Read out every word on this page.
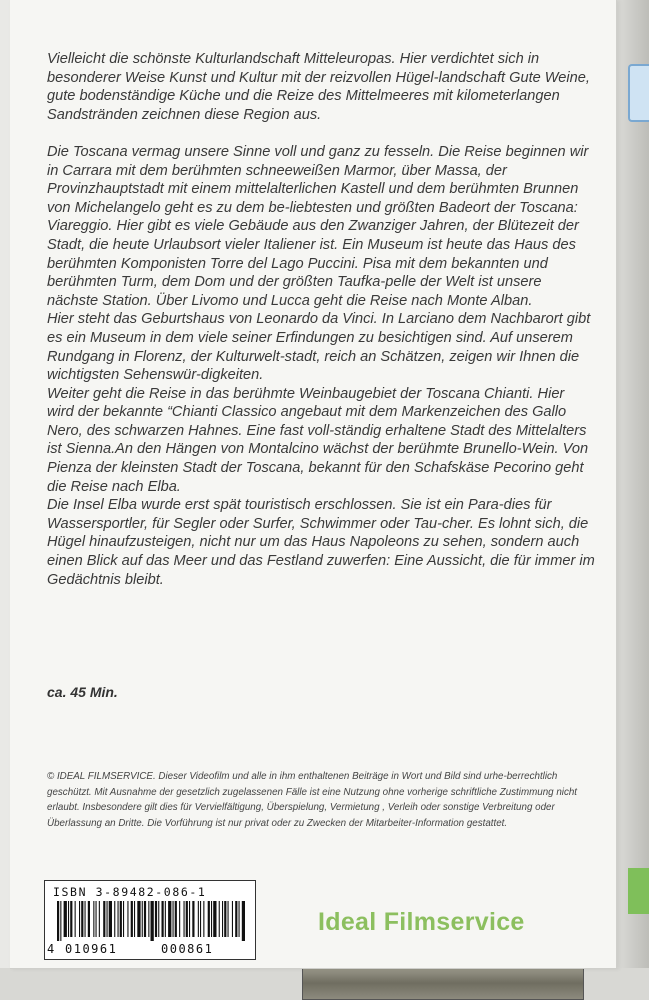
Vielleicht die schönste Kulturlandschaft Mitteleuropas. Hier verdichtet sich in besonderer Weise Kunst und Kultur mit der reizvollen Hügel-landschaft Gute Weine, gute bodenständige Küche und die Reize des Mittelmeeres mit kilometerlangen Sandstränden zeichnen diese Region aus.

Die Toscana vermag unsere Sinne voll und ganz zu fesseln. Die Reise beginnen wir in Carrara mit dem berühmten schneeweißen Marmor, über Massa, der Provinzhauptstadt mit einem mittelalterlichen Kastell und dem berühmten Brunnen von Michelangelo geht es zu dem be-liebtesten und größten Badeort der Toscana: Viareggio. Hier gibt es viele Gebäude aus den Zwanziger Jahren, der Blütezeit der Stadt, die heute Urlaubsort vieler Italiener ist. Ein Museum ist heute das Haus des berühmten Komponisten Torre del Lago Puccini. Pisa mit dem bekannten und berühmten Turm, dem Dom und der größten Taufka-pelle der Welt ist unsere nächste Station. Über Livomo und Lucca geht die Reise nach Monte Alban.

Hier steht das Geburtshaus von Leonardo da Vinci. In Larciano dem Nachbarort gibt es ein Museum in dem viele seiner Erfindungen zu besichtigen sind. Auf unserem Rundgang in Florenz, der Kulturwelt-stadt, reich an Schätzen, zeigen wir Ihnen die wichtigsten Sehenswür-digkeiten.

Weiter geht die Reise in das berühmte Weinbaugebiet der Toscana Chianti. Hier wird der bekannte “Chianti Classico angebaut mit dem Markenzeichen des Gallo Nero, des schwarzen Hahnes. Eine fast voll-ständig erhaltene Stadt des Mittelalters ist Sienna.An den Hängen von Montalcino wächst der berühmte Brunello-Wein. Von Pienza der kleinsten Stadt der Toscana, bekannt für den Schafskäse Pecorino geht die Reise nach Elba.

Die Insel Elba wurde erst spät touristisch erschlossen. Sie ist ein Para-dies für Wassersportler, für Segler oder Surfer, Schwimmer oder Tau-cher. Es lohnt sich, die Hügel hinaufzusteigen, nicht nur um das Haus Napoleons zu sehen, sondern auch einen Blick auf das Meer und das Festland zuwerfen: Eine Aussicht, die für immer im Gedächtnis bleibt.

ca. 45 Min.
© IDEAL FILMSERVICE. Dieser Videofilm und alle in ihm enthaltenen Beiträge in Wort und Bild sind urhe-berrechtlich geschützt. Mit Ausnahme der gesetzlich zugelassenen Fälle ist eine Nutzung ohne vorherige schriftliche Zustimmung nicht erlaubt. Insbesondere gilt dies für Vervielfältigung, Überspielung, Vermietung , Verleih oder sonstige Verbreitung oder Überlassung an Dritte. Die Vorführung ist nur privat oder zu Zwecken der Mitarbeiter-Information gestattet.
ISBN 3-89482-086-1
4 010961	000861
Ideal Filmservice
